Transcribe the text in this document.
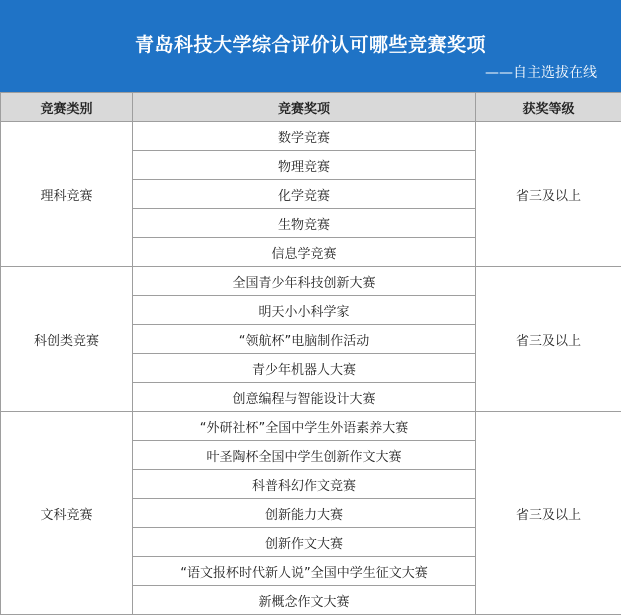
青岛科技大学综合评价认可哪些竞赛奖项
——自主选拔在线
竞赛类别	竞赛奖项	获奖等级
理科竞赛	数学竞赛	省三及以上
	物理竞赛	
	化学竞赛	
	生物竞赛	
	信息学竞赛	
科创类竞赛	全国青少年科技创新大赛	省三及以上
	明天小小科学家	
	“领航杯”电脑制作活动	
	青少年机器人大赛	
	创意编程与智能设计大赛	
文科竞赛	“外研社杯”全国中学生外语素养大赛	省三及以上
	叶圣陶杯全国中学生创新作文大赛	
	科普科幻作文竞赛	
	创新能力大赛	
	创新作文大赛	
	“语文报杯时代新人说”全国中学生征文大赛	
	新概念作文大赛	
